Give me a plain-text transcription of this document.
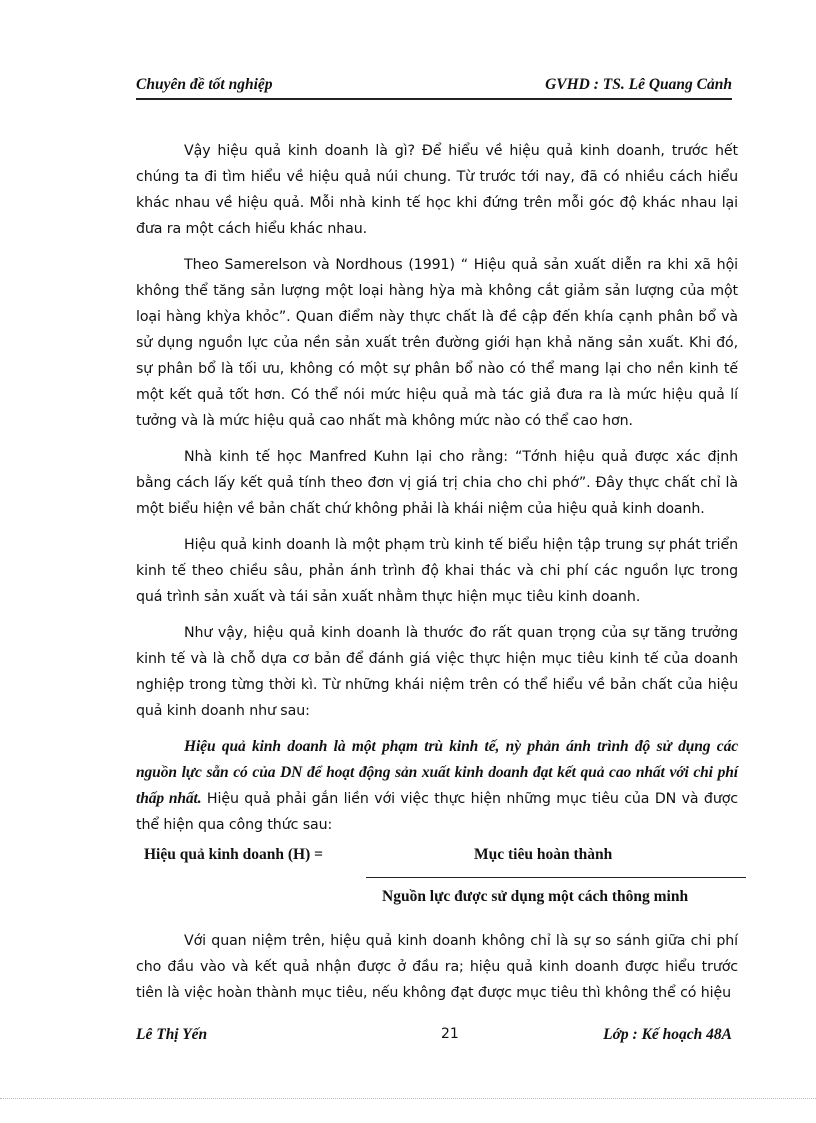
Chuyên đề tốt nghiệp	GVHD : TS. Lê Quang Cảnh

Vậy hiệu quả kinh doanh là gì? Để hiểu về hiệu quả kinh doanh, trước hết chúng ta đi tìm hiểu về hiệu quả núi chung. Từ trước tới nay, đã có nhiều cách hiểu khác nhau về hiệu quả. Mỗi nhà kinh tế học khi đứng trên mỗi góc độ khác nhau lại đưa ra một cách hiểu khác nhau.

Theo Samerelson và Nordhous (1991) “ Hiệu quả sản xuất diễn ra khi xã hội không thể tăng sản lượng một loại hàng hỳa mà không cắt giảm sản lượng của một loại hàng khỳa khỏc”. Quan điểm này thực chất là đề cập đến khía cạnh phân bổ và sử dụng nguồn lực của nền sản xuất trên đường giới hạn khả năng sản xuất. Khi đó, sự phân bổ là tối ưu, không có một sự phân bổ nào có thể mang lại cho nền kinh tế một kết quả tốt hơn. Có thể nói mức hiệu quả mà tác giả đưa ra là mức hiệu quả lí tưởng và là mức hiệu quả cao nhất mà không mức nào có thể cao hơn.

Nhà kinh tế học Manfred Kuhn lại cho rằng: “Tớnh hiệu quả được xác định bằng cách lấy kết quả tính theo đơn vị giá trị chia cho chi phớ”. Đây thực chất chỉ là một biểu hiện về bản chất chứ không phải là khái niệm của hiệu quả kinh doanh.

Hiệu quả kinh doanh là một phạm trù kinh tế biểu hiện tập trung sự phát triển kinh tế theo chiều sâu, phản ánh trình độ khai thác và chi phí các nguồn lực trong quá trình sản xuất và tái sản xuất nhằm thực hiện mục tiêu kinh doanh.

Như vậy, hiệu quả kinh doanh là thước đo rất quan trọng của sự tăng trưởng kinh tế và là chỗ dựa cơ bản để đánh giá việc thực hiện mục tiêu kinh tế của doanh nghiệp trong từng thời kì. Từ những khái niệm trên có thể hiểu về bản chất của hiệu quả kinh doanh như sau:

Hiệu quả kinh doanh là một phạm trù kinh tế, nỳ phản ánh trình độ sử dụng các nguồn lực sẵn có của DN để hoạt động sản xuất kinh doanh đạt kết quả cao nhất với chi phí thấp nhất. Hiệu quả phải gắn liền với việc thực hiện những mục tiêu của DN và được thể hiện qua công thức sau:

Hiệu quả kinh doanh (H) =	Mục tiêu hoàn thành
Nguồn lực được sử dụng một cách thông minh

Với quan niệm trên, hiệu quả kinh doanh không chỉ là sự so sánh giữa chi phí cho đầu vào và kết quả nhận được ở đầu ra; hiệu quả kinh doanh được hiểu trước tiên là việc hoàn thành mục tiêu, nếu không đạt được mục tiêu thì không thể có hiệu

Lê Thị Yến	21	Lớp : Kế hoạch 48A
